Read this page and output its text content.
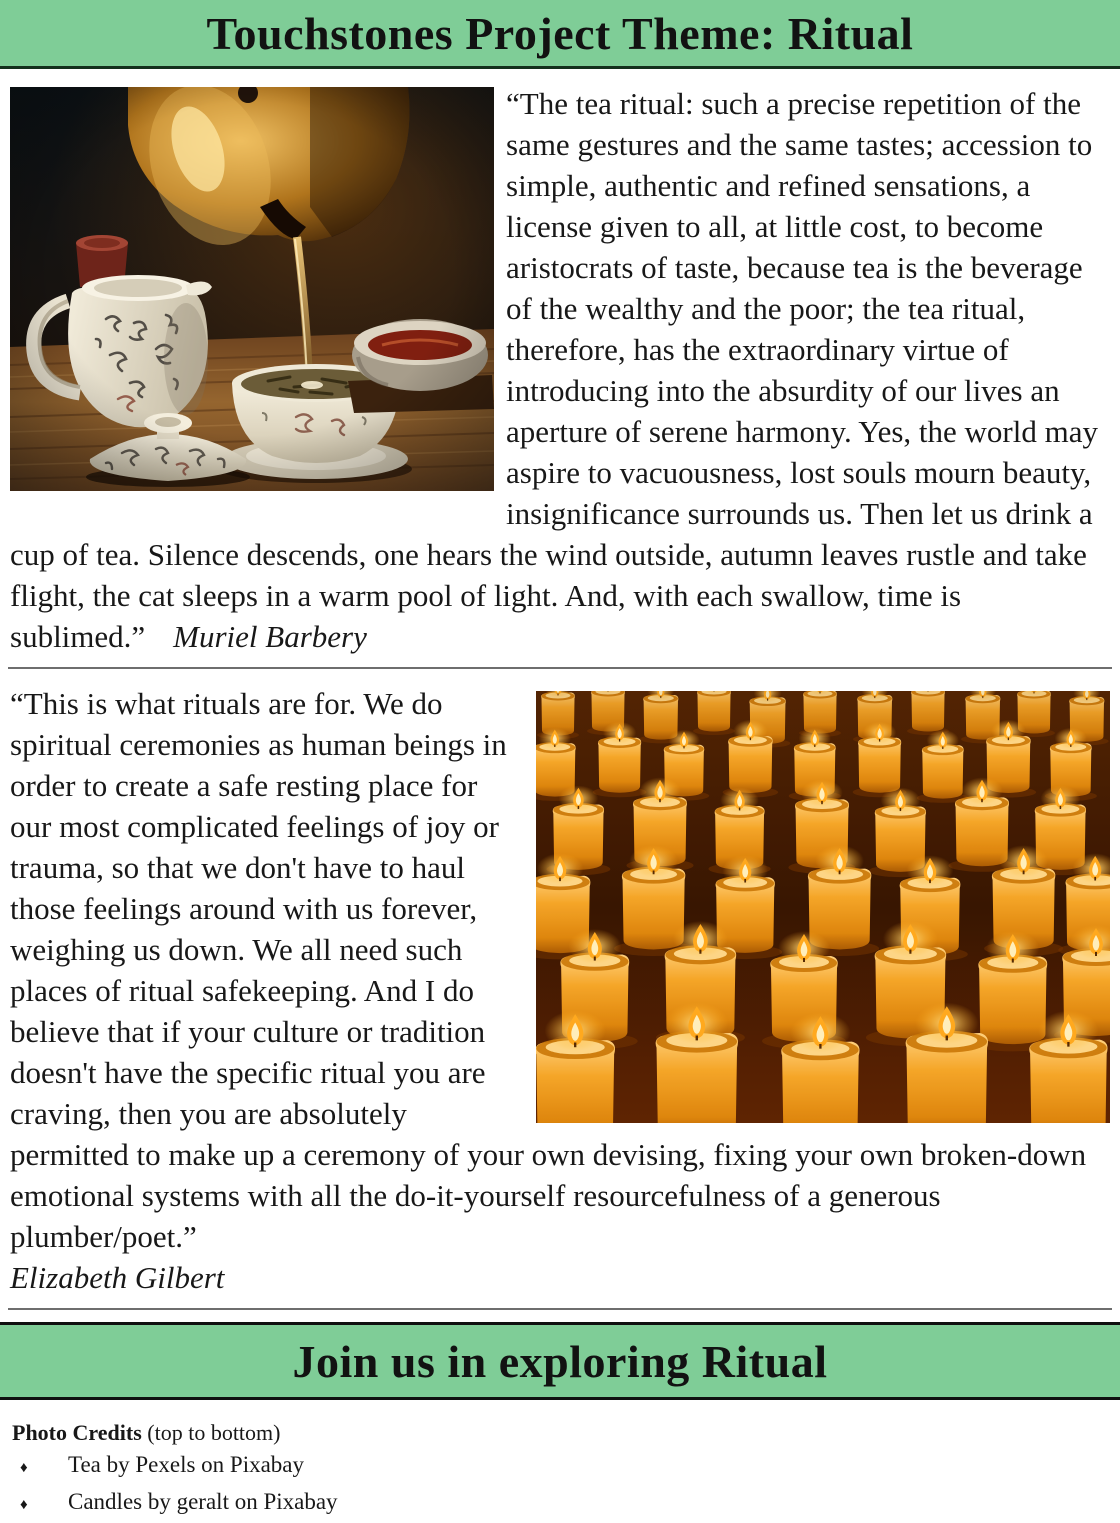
Touchstones Project Theme: Ritual

“The tea ritual: such a precise repetition of the same gestures and the same tastes; accession to simple, authentic and refined sensations, a license given to all, at little cost, to become aristocrats of taste, because tea is the beverage of the wealthy and the poor; the tea ritual, therefore, has the extraordinary virtue of introducing into the absurdity of our lives an aperture of serene harmony. Yes, the world may aspire to vacuousness, lost souls mourn beauty, insignificance surrounds us. Then let us drink a cup of tea. Silence descends, one hears the wind outside, autumn leaves rustle and take flight, the cat sleeps in a warm pool of light. And, with each swallow, time is sublimed.” Muriel Barbery

“This is what rituals are for. We do spiritual ceremonies as human beings in order to create a safe resting place for our most complicated feelings of joy or trauma, so that we don't have to haul those feelings around with us forever, weighing us down. We all need such places of ritual safekeeping. And I do believe that if your culture or tradition doesn't have the specific ritual you are craving, then you are absolutely permitted to make up a ceremony of your own devising, fixing your own broken-down emotional systems with all the do-it-yourself resourcefulness of a generous plumber/poet.”
Elizabeth Gilbert

Join us in exploring Ritual
Photo Credits (top to bottom)
♦	Tea by Pexels on Pixabay
♦	Candles by geralt on Pixabay
